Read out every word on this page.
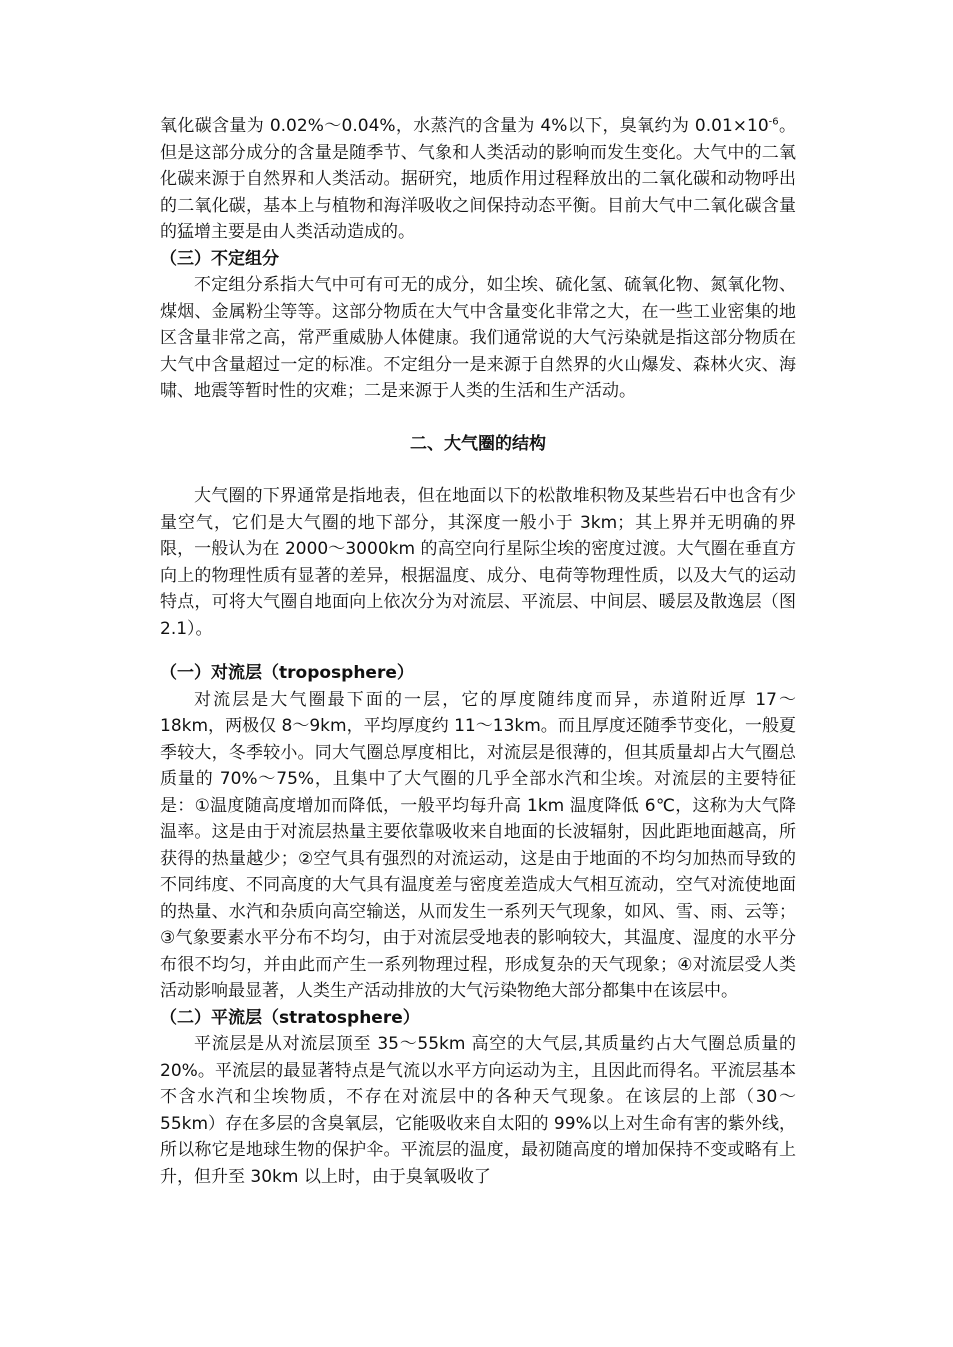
氧化碳含量为 0.02%～0.04%，水蒸汽的含量为 4%以下，臭氧约为 $0.01\times 10^{-6}$。但是这部分成分的含量是随季节、气象和人类活动的影响而发生变化。大气中的二氧化碳来源于自然界和人类活动。据研究，地质作用过程释放出的二氧化碳和动物呼出的二氧化碳，基本上与植物和海洋吸收之间保持动态平衡。目前大气中二氧化碳含量的猛增主要是由人类活动造成的。

（三）不定组分

不定组分系指大气中可有可无的成分，如尘埃、硫化氢、硫氧化物、氮氧化物、煤烟、金属粉尘等等。这部分物质在大气中含量变化非常之大，在一些工业密集的地区含量非常之高，常严重威胁人体健康。我们通常说的大气污染就是指这部分物质在大气中含量超过一定的标准。不定组分一是来源于自然界的火山爆发、森林火灾、海啸、地震等暂时性的灾难；二是来源于人类的生活和生产活动。

二、大气圈的结构

大气圈的下界通常是指地表，但在地面以下的松散堆积物及某些岩石中也含有少量空气，它们是大气圈的地下部分，其深度一般小于 3km；其上界并无明确的界限，一般认为在 2000～3000km 的高空向行星际尘埃的密度过渡。大气圈在垂直方向上的物理性质有显著的差异，根据温度、成分、电荷等物理性质，以及大气的运动特点，可将大气圈自地面向上依次分为对流层、平流层、中间层、暖层及散逸层（图 2.1）。

（一）对流层（troposphere）

对流层是大气圈最下面的一层，它的厚度随纬度而异，赤道附近厚 17～18km，两极仅 8～9km，平均厚度约 11～13km。而且厚度还随季节变化，一般夏季较大，冬季较小。同大气圈总厚度相比，对流层是很薄的，但其质量却占大气圈总质量的 70%～75%，且集中了大气圈的几乎全部水汽和尘埃。对流层的主要特征是：①温度随高度增加而降低，一般平均每升高 1km 温度降低 6℃，这称为大气降温率。这是由于对流层热量主要依靠吸收来自地面的长波辐射，因此距地面越高，所获得的热量越少；②空气具有强烈的对流运动，这是由于地面的不均匀加热而导致的不同纬度、不同高度的大气具有温度差与密度差造成大气相互流动，空气对流使地面的热量、水汽和杂质向高空输送，从而发生一系列天气现象，如风、雪、雨、云等；③气象要素水平分布不均匀，由于对流层受地表的影响较大，其温度、湿度的水平分布很不均匀，并由此而产生一系列物理过程，形成复杂的天气现象；④对流层受人类活动影响最显著，人类生产活动排放的大气污染物绝大部分都集中在该层中。

（二）平流层（stratosphere）

平流层是从对流层顶至 35～55km 高空的大气层,其质量约占大气圈总质量的 20%。平流层的最显著特点是气流以水平方向运动为主，且因此而得名。平流层基本不含水汽和尘埃物质，不存在对流层中的各种天气现象。在该层的上部（30～55km）存在多层的含臭氧层，它能吸收来自太阳的 99%以上对生命有害的紫外线，所以称它是地球生物的保护伞。平流层的温度，最初随高度的增加保持不变或略有上升，但升至 30km 以上时，由于臭氧吸收了
